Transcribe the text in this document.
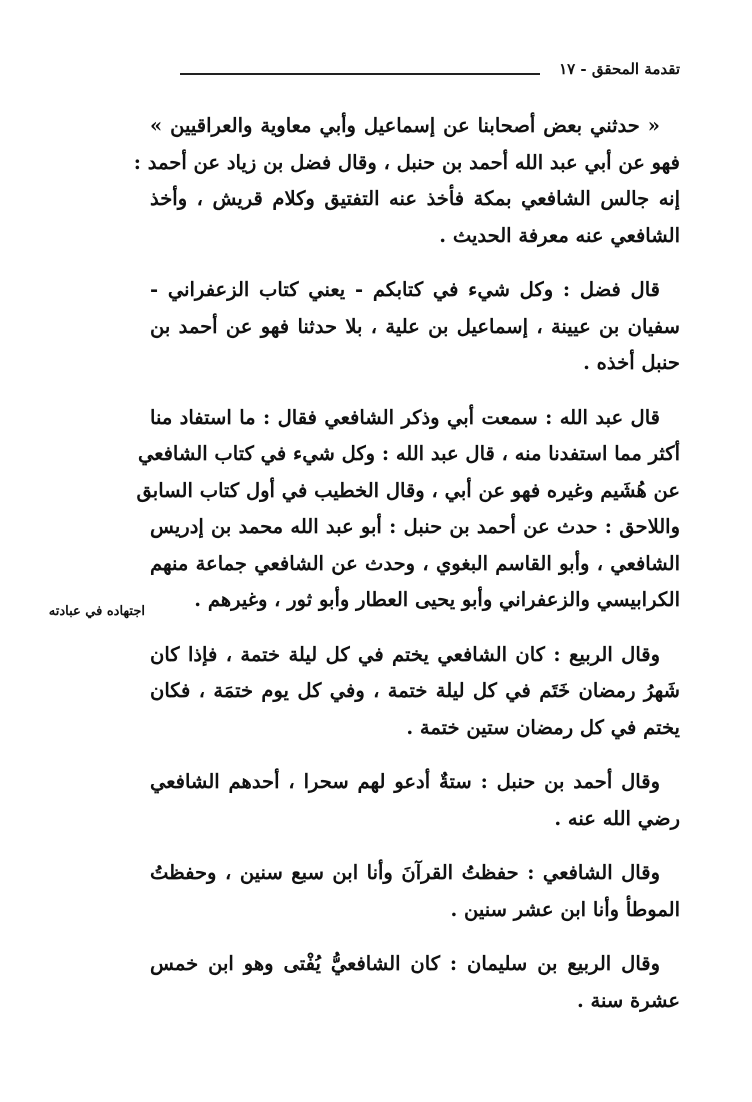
تقدمة المحقق - ١٧
اجتهاده في عبادته

« حدثني بعض أصحابنا عن إسماعيل وأبي معاوية والعراقيين »
فهو عن أبي عبد الله أحمد بن حنبل ، وقال فضل بن زياد عن أحمد :
إنه جالس الشافعي بمكة فأخذ عنه التفتيق وكلام قريش ، وأخذ
الشافعي عنه معرفة الحديث .

قال فضل : وكل شيء في كتابكم - يعني كتاب الزعفراني -
سفيان بن عيينة ، إسماعيل بن علية ، بلا حدثنا فهو عن أحمد بن
حنبل أخذه .

قال عبد الله : سمعت أبي وذكر الشافعي فقال : ما استفاد منا
أكثر مما استفدنا منه ، قال عبد الله : وكل شيء في كتاب الشافعي
عن هُشَيم وغيره فهو عن أبي ، وقال الخطيب في أول كتاب السابق
واللاحق : حدث عن أحمد بن حنبل : أبو عبد الله محمد بن إدريس
الشافعي ، وأبو القاسم البغوي ، وحدث عن الشافعي جماعة منهم
الكرابيسي والزعفراني وأبو يحيى العطار وأبو ثور ، وغيرهم .

وقال الربيع : كان الشافعي يختم في كل ليلة ختمة ، فإذا كان
شَهرُ رمضان خَتَم في كل ليلة ختمة ، وفي كل يوم ختمَة ، فكان
يختم في كل رمضان ستين ختمة .

وقال أحمد بن حنبل : ستةٌ أدعو لهم سحرا ، أحدهم الشافعي
رضي الله عنه .

وقال الشافعي : حفظتُ القرآنَ وأنا ابن سبع سنين ، وحفظتُ
الموطأ وأنا ابن عشر سنين .

وقال الربيع بن سليمان : كان الشافعيُّ يُفْتى وهو ابن خمس
عشرة سنة .
